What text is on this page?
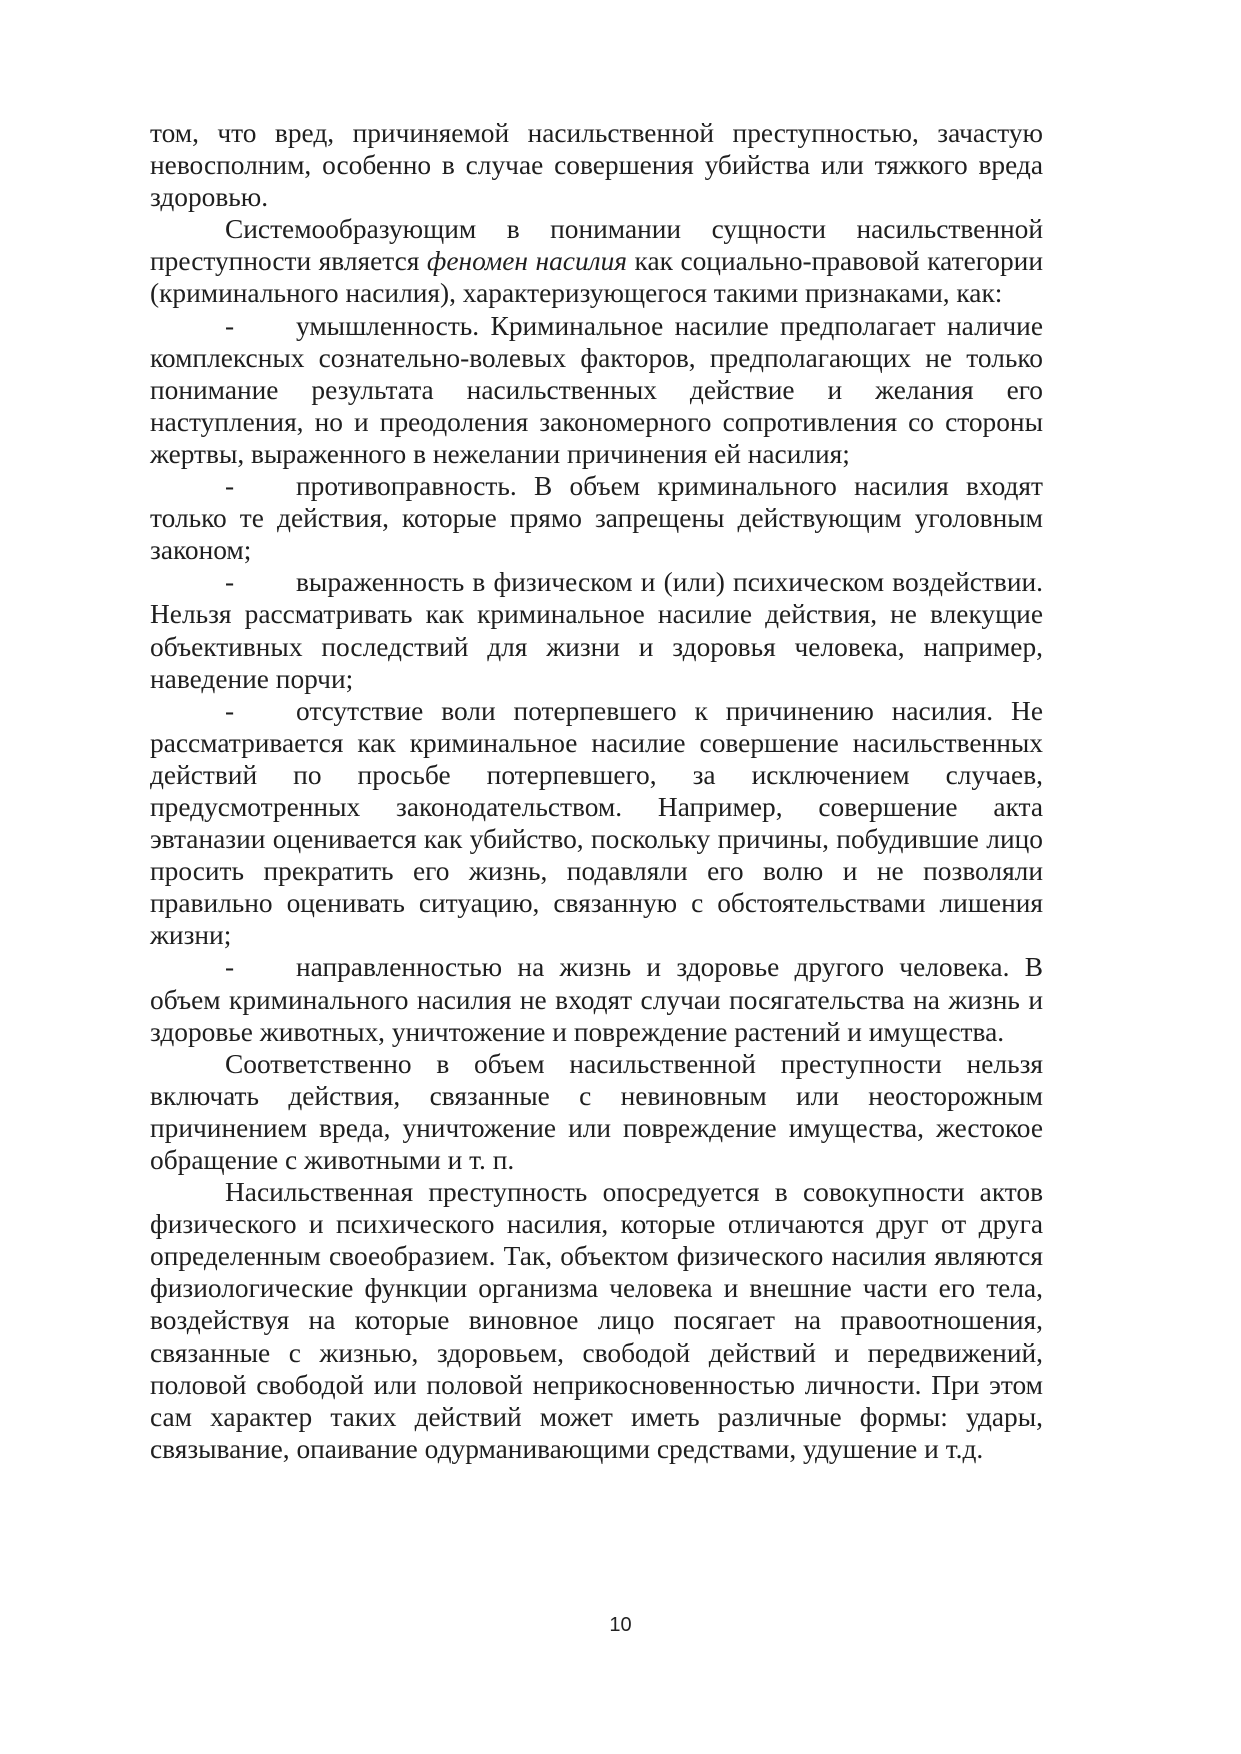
том, что вред, причиняемой насильственной преступностью, зачастую невосполним, особенно в случае совершения убийства или тяжкого вреда здоровью.

Системообразующим в понимании сущности насильственной преступности является феномен насилия как социально-правовой категории (криминального насилия), характеризующегося такими признаками, как:

- умышленность. Криминальное насилие предполагает наличие комплексных сознательно-волевых факторов, предполагающих не только понимание результата насильственных действие и желания его наступления, но и преодоления закономерного сопротивления со стороны жертвы, выраженного в нежелании причинения ей насилия;

- противоправность. В объем криминального насилия входят только те действия, которые прямо запрещены действующим уголовным законом;

- выраженность в физическом и (или) психическом воздействии. Нельзя рассматривать как криминальное насилие действия, не влекущие объективных последствий для жизни и здоровья человека, например, наведение порчи;

- отсутствие воли потерпевшего к причинению насилия. Не рассматривается как криминальное насилие совершение насильственных действий по просьбе потерпевшего, за исключением случаев, предусмотренных законодательством. Например, совершение акта эвтаназии оценивается как убийство, поскольку причины, побудившие лицо просить прекратить его жизнь, подавляли его волю и не позволяли правильно оценивать ситуацию, связанную с обстоятельствами лишения жизни;

- направленностью на жизнь и здоровье другого человека. В объем криминального насилия не входят случаи посягательства на жизнь и здоровье животных, уничтожение и повреждение растений и имущества.

Соответственно в объем насильственной преступности нельзя включать действия, связанные с невиновным или неосторожным причинением вреда, уничтожение или повреждение имущества, жестокое обращение с животными и т. п.

Насильственная преступность опосредуется в совокупности актов физического и психического насилия, которые отличаются друг от друга определенным своеобразием. Так, объектом физического насилия являются физиологические функции организма человека и внешние части его тела, воздействуя на которые виновное лицо посягает на правоотношения, связанные с жизнью, здоровьем, свободой действий и передвижений, половой свободой или половой неприкосновенностью личности. При этом сам характер таких действий может иметь различные формы: удары, связывание, опаивание одурманивающими средствами, удушение и т.д.

10
